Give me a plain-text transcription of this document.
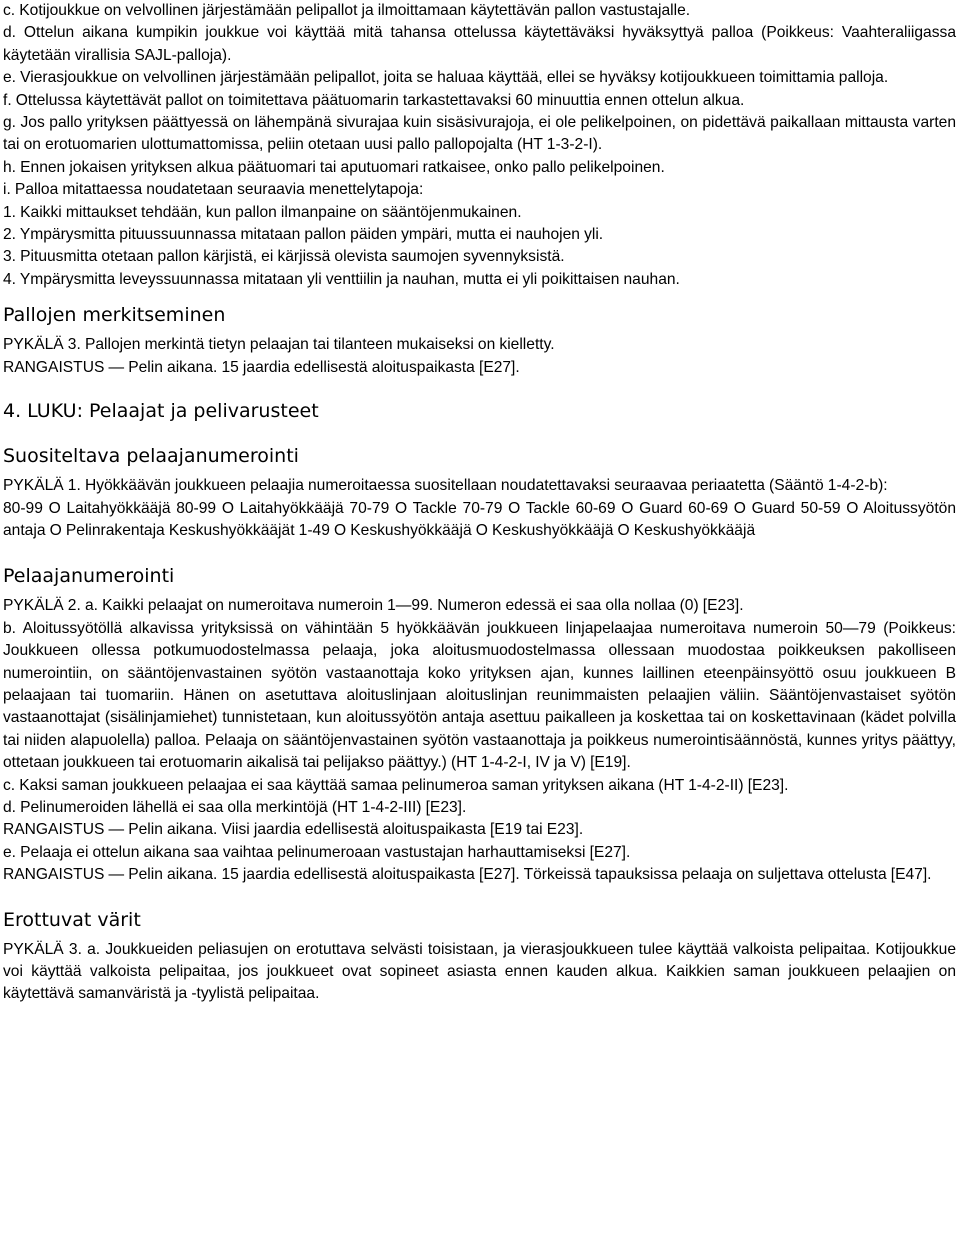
c. Kotijoukkue on velvollinen järjestämään pelipallot ja ilmoittamaan käytettävän pallon vastustajalle.

d. Ottelun aikana kumpikin joukkue voi käyttää mitä tahansa ottelussa käytettäväksi hyväksyttyä palloa (Poikkeus: Vaahteraliigassa käytetään virallisia SAJL-palloja).

e. Vierasjoukkue on velvollinen järjestämään pelipallot, joita se haluaa käyttää, ellei se hyväksy kotijoukkueen toimittamia palloja.

f. Ottelussa käytettävät pallot on toimitettava päätuomarin tarkastettavaksi 60 minuuttia ennen ottelun alkua.

g. Jos pallo yrityksen päättyessä on lähempänä sivurajaa kuin sisäsivurajoja, ei ole pelikelpoinen, on pidettävä paikallaan mittausta varten tai on erotuomarien ulottumattomissa, peliin otetaan uusi pallo pallopojalta (HT 1-3-2-I).

h. Ennen jokaisen yrityksen alkua päätuomari tai aputuomari ratkaisee, onko pallo pelikelpoinen.

i. Palloa mitattaessa noudatetaan seuraavia menettelytapoja:

1. Kaikki mittaukset tehdään, kun pallon ilmanpaine on sääntöjenmukainen.

2. Ympärysmitta pituussuunnassa mitataan pallon päiden ympäri, mutta ei nauhojen yli.

3. Pituusmitta otetaan pallon kärjistä, ei kärjissä olevista saumojen syvennyksistä.

4. Ympärysmitta leveyssuunnassa mitataan yli venttiilin ja nauhan, mutta ei yli poikittaisen nauhan.

Pallojen merkitseminen

PYKÄLÄ 3. Pallojen merkintä tietyn pelaajan tai tilanteen mukaiseksi on kielletty.

RANGAISTUS — Pelin aikana. 15 jaardia edellisestä aloituspaikasta [E27].

4. LUKU: Pelaajat ja pelivarusteet
Suositeltava pelaajanumerointi

PYKÄLÄ 1. Hyökkäävän joukkueen pelaajia numeroitaessa suositellaan noudatettavaksi seuraavaa periaatetta (Sääntö 1-4-2-b):

80-99 O Laitahyökkääjä 80-99 O Laitahyökkääjä 70-79 O Tackle 70-79 O Tackle 60-69 O Guard 60-69 O Guard 50-59 O Aloitussyötön antaja O Pelinrakentaja Keskushyökkääjät 1-49 O Keskushyökkääjä O Keskushyökkääjä O Keskushyökkääjä

Pelaajanumerointi

PYKÄLÄ 2. a. Kaikki pelaajat on numeroitava numeroin 1—99. Numeron edessä ei saa olla nollaa (0) [E23].

b. Aloitussyötöllä alkavissa yrityksissä on vähintään 5 hyökkäävän joukkueen linjapelaajaa numeroitava numeroin 50—79 (Poikkeus: Joukkueen ollessa potkumuodostelmassa pelaaja, joka aloitusmuodostelmassa ollessaan muodostaa poikkeuksen pakolliseen numerointiin, on sääntöjenvastainen syötön vastaanottaja koko yrityksen ajan, kunnes laillinen eteenpäinsyöttö osuu joukkueen B pelaajaan tai tuomariin. Hänen on asetuttava aloituslinjaan aloituslinjan reunimmaisten pelaajien väliin. Sääntöjenvastaiset syötön vastaanottajat (sisälinjamiehet) tunnistetaan, kun aloitussyötön antaja asettuu paikalleen ja koskettaa tai on koskettavinaan (kädet polvilla tai niiden alapuolella) palloa. Pelaaja on sääntöjenvastainen syötön vastaanottaja ja poikkeus numerointisäännöstä, kunnes yritys päättyy, ottetaan joukkueen tai erotuomarin aikalisä tai pelijakso päättyy.) (HT 1-4-2-I, IV ja V) [E19].

c. Kaksi saman joukkueen pelaajaa ei saa käyttää samaa pelinumeroa saman yrityksen aikana (HT 1-4-2-II) [E23].

d. Pelinumeroiden lähellä ei saa olla merkintöjä (HT 1-4-2-III) [E23].

RANGAISTUS — Pelin aikana. Viisi jaardia edellisestä aloituspaikasta [E19 tai E23].

e. Pelaaja ei ottelun aikana saa vaihtaa pelinumeroaan vastustajan harhauttamiseksi [E27].

RANGAISTUS — Pelin aikana. 15 jaardia edellisestä aloituspaikasta [E27]. Törkeissä tapauksissa pelaaja on suljettava ottelusta [E47].

Erottuvat värit

PYKÄLÄ 3. a. Joukkueiden peliasujen on erotuttava selvästi toisistaan, ja vierasjoukkueen tulee käyttää valkoista pelipaitaa. Kotijoukkue voi käyttää valkoista pelipaitaa, jos joukkueet ovat sopineet asiasta ennen kauden alkua. Kaikkien saman joukkueen pelaajien on käytettävä samanväristä ja -tyylistä pelipaitaa.
